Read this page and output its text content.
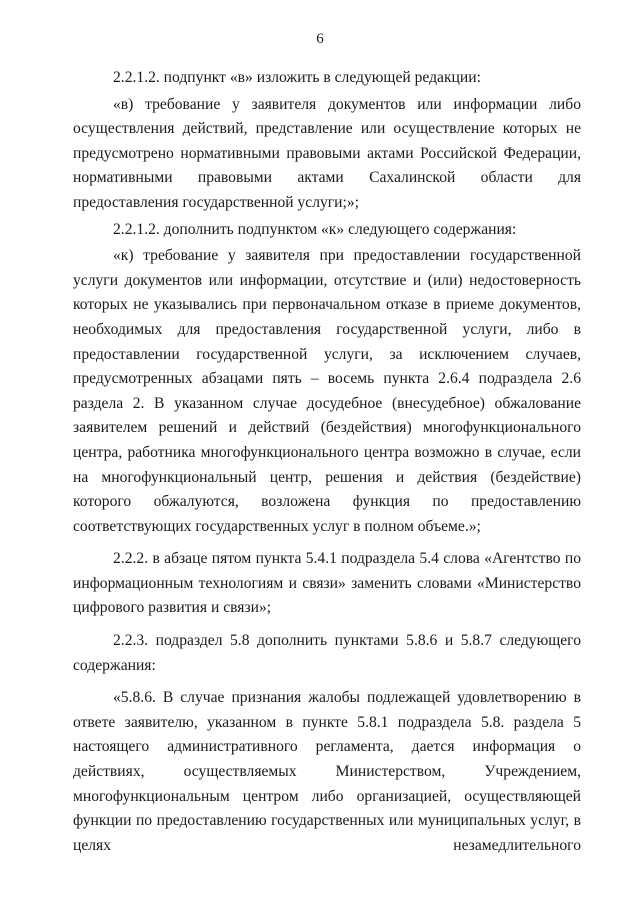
6

2.2.1.2. подпункт «в» изложить в следующей редакции:

«в) требование у заявителя документов или информации либо осуществления действий, представление или осуществление которых не предусмотрено нормативными правовыми актами Российской Федерации, нормативными правовыми актами Сахалинской области для предоставления государственной услуги;»;

2.2.1.2. дополнить подпунктом «к» следующего содержания:

«к) требование у заявителя при предоставлении государственной услуги документов или информации, отсутствие и (или) недостоверность которых не указывались при первоначальном отказе в приеме документов, необходимых для предоставления государственной услуги, либо в предоставлении государственной услуги, за исключением случаев, предусмотренных абзацами пять – восемь пункта 2.6.4 подраздела 2.6 раздела 2. В указанном случае досудебное (внесудебное) обжалование заявителем решений и действий (бездействия) многофункционального центра, работника многофункционального центра возможно в случае, если на многофункциональный центр, решения и действия (бездействие) которого обжалуются, возложена функция по предоставлению соответствующих государственных услуг в полном объеме.»;

2.2.2. в абзаце пятом пункта 5.4.1 подраздела 5.4 слова «Агентство по информационным технологиям и связи» заменить словами «Министерство цифрового развития и связи»;

2.2.3. подраздел 5.8 дополнить пунктами 5.8.6 и 5.8.7 следующего содержания:

«5.8.6. В случае признания жалобы подлежащей удовлетворению в ответе заявителю, указанном в пункте 5.8.1 подраздела 5.8. раздела 5 настоящего административного регламента, дается информация о действиях, осуществляемых Министерством, Учреждением, многофункциональным центром либо организацией, осуществляющей функции по предоставлению государственных или муниципальных услуг, в целях незамедлительного
